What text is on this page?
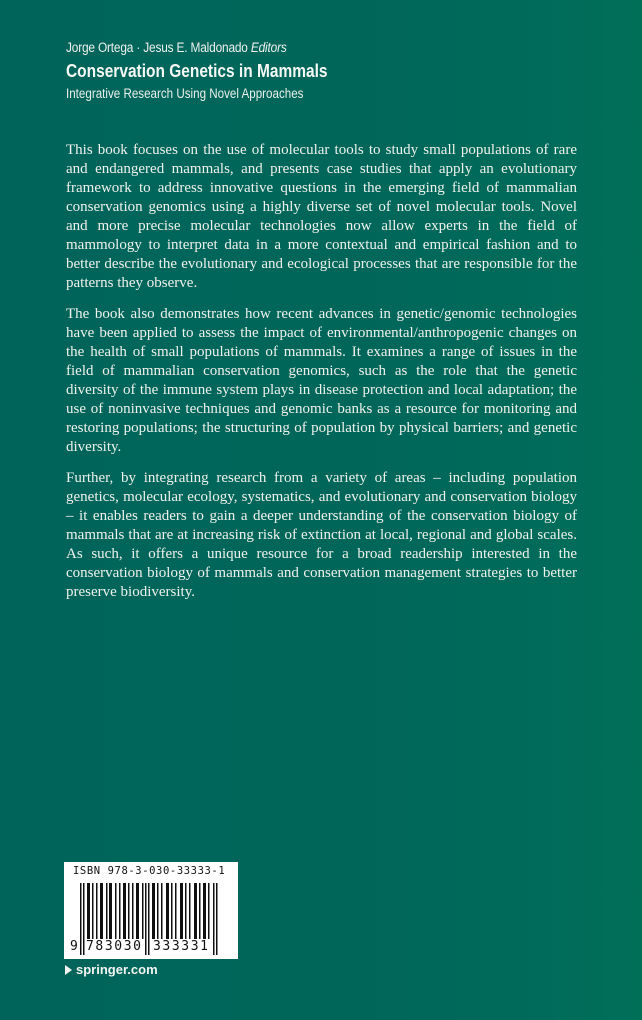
Jorge Ortega · Jesus E. Maldonado Editors
Conservation Genetics in Mammals
Integrative Research Using Novel Approaches

This book focuses on the use of molecular tools to study small populations of rare and endangered mammals, and presents case studies that apply an evolutionary framework to address innovative questions in the emerging field of mammalian conservation genomics using a highly diverse set of novel molecular tools. Novel and more precise molecular technologies now allow experts in the field of mammology to interpret data in a more contextual and empirical fashion and to better describe the evolutionary and ecological processes that are responsible for the patterns they observe.

The book also demonstrates how recent advances in genetic/genomic technologies have been applied to assess the impact of environmental/anthropogenic changes on the health of small populations of mammals. It examines a range of issues in the field of mammalian conservation genomics, such as the role that the genetic diversity of the immune system plays in disease protection and local adaptation; the use of noninvasive techniques and genomic banks as a resource for monitoring and restoring populations; the structuring of population by physical barriers; and genetic diversity.

Further, by integrating research from a variety of areas – including population genetics, molecular ecology, systematics, and evolutionary and conservation biology – it enables readers to gain a deeper understanding of the conservation biology of mammals that are at increasing risk of extinction at local, regional and global scales. As such, it offers a unique resource for a broad readership interested in the conservation biology of mammals and conservation management strategies to better preserve biodiversity.

ISBN 978-3-030-33333-1
9 783030 333331
springer.com
